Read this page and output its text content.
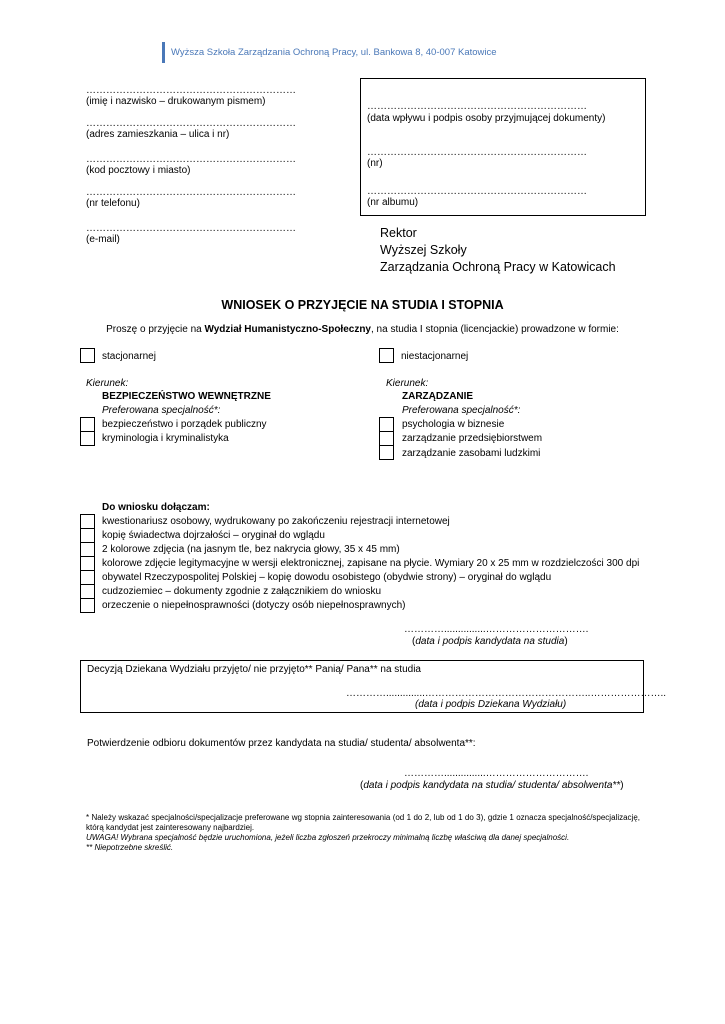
Wyższa Szkoła Zarządzania Ochroną Pracy, ul. Bankowa 8, 40-007 Katowice
………………………………………………………
(imię i nazwisko – drukowanym pismem)
………………………………………………………
(adres zamieszkania – ulica i nr)
………………………………………………………
(kod pocztowy i miasto)
………………………………………………………
(nr telefonu)
………………………………………………………
(e-mail)
…………………………………………………………
(data wpływu i podpis osoby przyjmującej dokumenty)
…………………………………………………………
(nr)
…………………………………………………………
(nr albumu)
Rektor
Wyższej Szkoły
Zarządzania Ochroną Pracy w Katowicach
WNIOSEK O PRZYJĘCIE NA STUDIA I STOPNIA
Proszę o przyjęcie na Wydział Humanistyczno-Społeczny, na studia I stopnia (licencjackie) prowadzone w formie:
stacjonarnej	niestacjonarnej
Kierunek:
BEZPIECZEŃSTWO WEWNĘTRZNE
Preferowana specjalność*:
bezpieczeństwo i porządek publiczny
kryminologia i kryminalistyka
Kierunek:
ZARZĄDZANIE
Preferowana specjalność*:
psychologia w biznesie
zarządzanie przedsiębiorstwem
zarządzanie zasobami ludzkimi
Do wniosku dołączam:
kwestionariusz osobowy, wydrukowany po zakończeniu rejestracji internetowej
kopię świadectwa dojrzałości – oryginał do wglądu
2 kolorowe zdjęcia (na jasnym tle, bez nakrycia głowy, 35 x 45 mm)
kolorowe zdjęcie legitymacyjne w wersji elektronicznej, zapisane na płycie. Wymiary 20 x 25 mm w rozdzielczości 300 dpi
obywatel Rzeczypospolitej Polskiej – kopię dowodu osobistego (obydwie strony) – oryginał do wglądu
cudzoziemiec – dokumenty zgodnie z załącznikiem do wniosku
orzeczenie o niepełnosprawności (dotyczy osób niepełnosprawnych)
…………...............………………………….
(data i podpis kandydata na studia)
Decyzją Dziekana Wydziału przyjęto/ nie przyjęto** Panią/ Pana** na studia
…………..............…………………………………………..…………………..
(data i podpis Dziekana Wydziału)
Potwierdzenie odbioru dokumentów przez kandydata na studia/ studenta/ absolwenta**:
…………...............………………………….
(data i podpis kandydata na studia/ studenta/ absolwenta**)
* Należy wskazać specjalności/specjalizacje preferowane wg stopnia zainteresowania (od 1 do 2, lub od 1 do 3), gdzie 1 oznacza specjalność/specjalizację, którą kandydat jest zainteresowany najbardziej.
UWAGA! Wybrana specjalność będzie uruchomiona, jeżeli liczba zgłoszeń przekroczy minimalną liczbę właściwą dla danej specjalności.
** Niepotrzebne skreślić.
